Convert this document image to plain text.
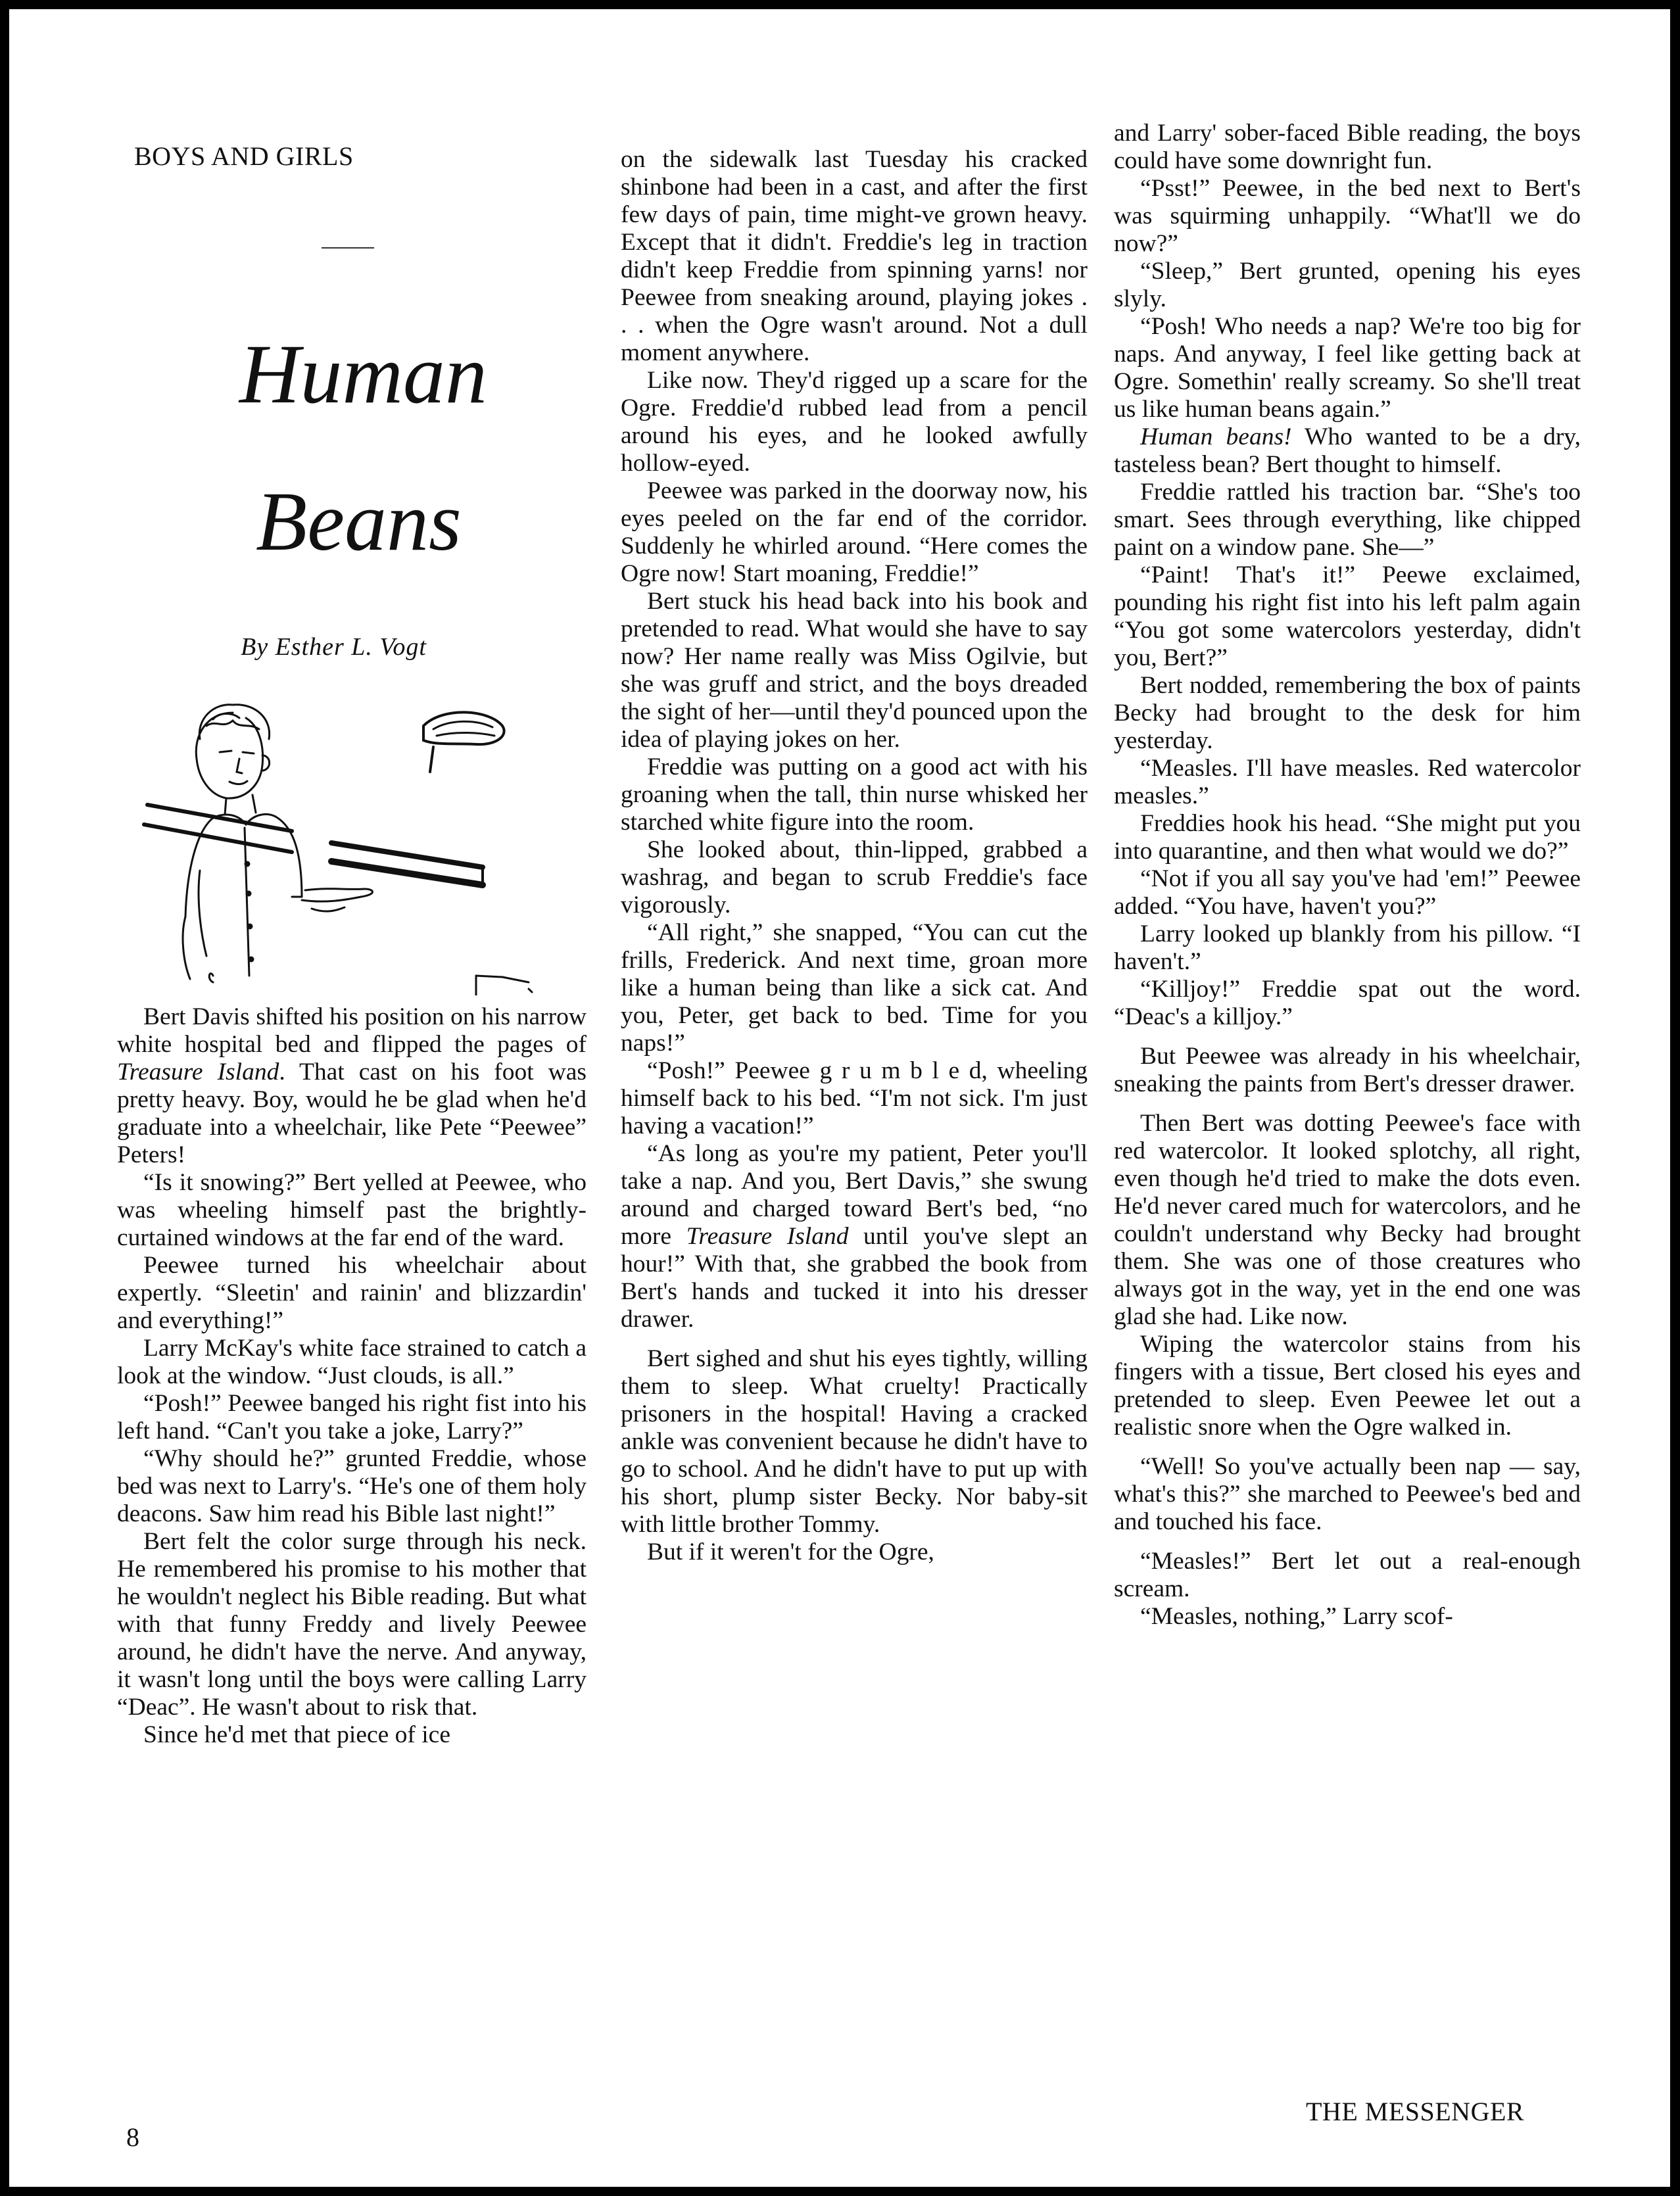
BOYS AND GIRLS
Human
Beans
By Esther L. Vogt

Bert Davis shifted his position on his narrow white hospital bed and flipped the pages of Treasure Island. That cast on his foot was pretty heavy. Boy, would he be glad when he'd graduate into a wheelchair, like Pete “Peewee” Peters!

“Is it snowing?” Bert yelled at Peewee, who was wheeling himself past the brightly-curtained windows at the far end of the ward.

Peewee turned his wheelchair about expertly. “Sleetin' and rainin' and blizzardin' and everything!”

Larry McKay's white face strained to catch a look at the window. “Just clouds, is all.”

“Posh!” Peewee banged his right fist into his left hand. “Can't you take a joke, Larry?”

“Why should he?” grunted Freddie, whose bed was next to Larry's. “He's one of them holy deacons. Saw him read his Bible last night!”

Bert felt the color surge through his neck. He remembered his promise to his mother that he wouldn't neglect his Bible reading. But what with that funny Freddy and lively Peewee around, he didn't have the nerve. And anyway, it wasn't long until the boys were calling Larry “Deac”. He wasn't about to risk that.

Since he'd met that piece of ice

on the sidewalk last Tuesday his cracked shinbone had been in a cast, and after the first few days of pain, time might-ve grown heavy. Except that it didn't. Freddie's leg in traction didn't keep Freddie from spinning yarns! nor Peewee from sneaking around, playing jokes . . . when the Ogre wasn't around. Not a dull moment anywhere.

Like now. They'd rigged up a scare for the Ogre. Freddie'd rubbed lead from a pencil around his eyes, and he looked awfully hollow-eyed.

Peewee was parked in the doorway now, his eyes peeled on the far end of the corridor. Suddenly he whirled around. “Here comes the Ogre now! Start moaning, Freddie!”

Bert stuck his head back into his book and pretended to read. What would she have to say now? Her name really was Miss Ogilvie, but she was gruff and strict, and the boys dreaded the sight of her—until they'd pounced upon the idea of playing jokes on her.

Freddie was putting on a good act with his groaning when the tall, thin nurse whisked her starched white figure into the room.

She looked about, thin-lipped, grabbed a washrag, and began to scrub Freddie's face vigorously.

“All right,” she snapped, “You can cut the frills, Frederick. And next time, groan more like a human being than like a sick cat. And you, Peter, get back to bed. Time for you naps!”

“Posh!” Peewee g r u m b l e d, wheeling himself back to his bed. “I'm not sick. I'm just having a vacation!”

“As long as you're my patient, Peter you'll take a nap. And you, Bert Davis,” she swung around and charged toward Bert's bed, “no more Treasure Island until you've slept an hour!” With that, she grabbed the book from Bert's hands and tucked it into his dresser drawer.

Bert sighed and shut his eyes tightly, willing them to sleep. What cruelty! Practically prisoners in the hospital! Having a cracked ankle was convenient because he didn't have to go to school. And he didn't have to put up with his short, plump sister Becky. Nor baby-sit with little brother Tommy.

But if it weren't for the Ogre,

and Larry' sober-faced Bible reading, the boys could have some downright fun.

“Psst!” Peewee, in the bed next to Bert's was squirming unhappily. “What'll we do now?”

“Sleep,” Bert grunted, opening his eyes slyly.

“Posh! Who needs a nap? We're too big for naps. And anyway, I feel like getting back at Ogre. Somethin' really screamy. So she'll treat us like human beans again.”

Human beans! Who wanted to be a dry, tasteless bean? Bert thought to himself.

Freddie rattled his traction bar. “She's too smart. Sees through everything, like chipped paint on a window pane. She—”

“Paint! That's it!” Peewe exclaimed, pounding his right fist into his left palm again “You got some watercolors yesterday, didn't you, Bert?”

Bert nodded, remembering the box of paints Becky had brought to the desk for him yesterday.

“Measles. I'll have measles. Red watercolor measles.”

Freddies hook his head. “She might put you into quarantine, and then what would we do?”

“Not if you all say you've had 'em!” Peewee added. “You have, haven't you?”

Larry looked up blankly from his pillow. “I haven't.”

“Killjoy!” Freddie spat out the word. “Deac's a killjoy.”

But Peewee was already in his wheelchair, sneaking the paints from Bert's dresser drawer.

Then Bert was dotting Peewee's face with red watercolor. It looked splotchy, all right, even though he'd tried to make the dots even. He'd never cared much for watercolors, and he couldn't understand why Becky had brought them. She was one of those creatures who always got in the way, yet in the end one was glad she had. Like now.

Wiping the watercolor stains from his fingers with a tissue, Bert closed his eyes and pretended to sleep. Even Peewee let out a realistic snore when the Ogre walked in.

“Well! So you've actually been nap — say, what's this?” she marched to Peewee's bed and and touched his face.

“Measles!” Bert let out a real-enough scream.

“Measles, nothing,” Larry scof-

8
THE MESSENGER
